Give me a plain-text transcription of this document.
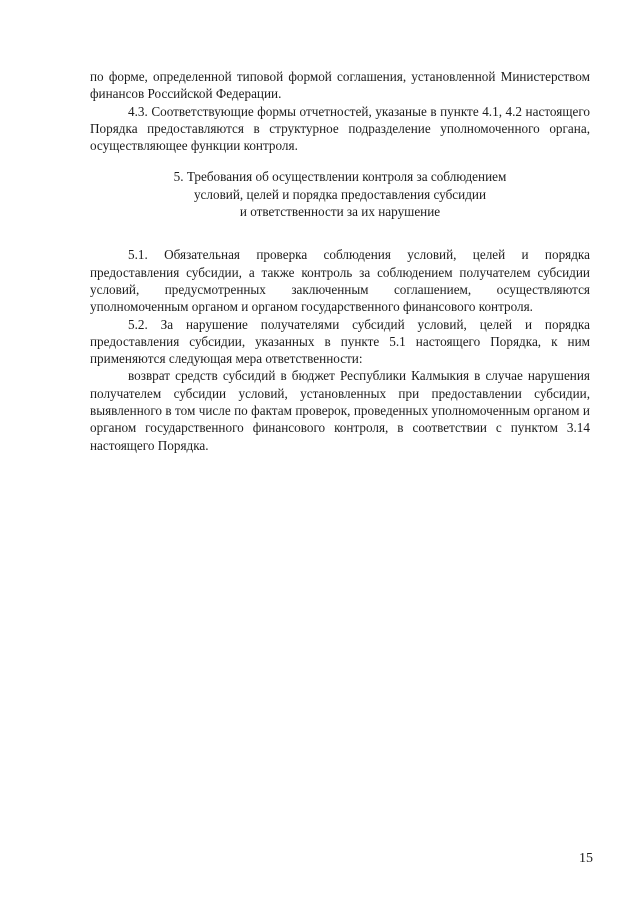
по форме, определенной типовой формой соглашения, установленной Министерством финансов Российской Федерации.

4.3. Соответствующие формы отчетностей, указаные в пункте 4.1, 4.2 настоящего Порядка предоставляются в структурное подразделение уполномоченного органа, осуществляющее функции контроля.

5. Требования об осуществлении контроля за соблюдением
условий, целей и порядка предоставления субсидии
и ответственности за их нарушение

5.1. Обязательная проверка соблюдения условий, целей и порядка предоставления субсидии, а также контроль за соблюдением получателем субсидии условий, предусмотренных заключенным соглашением, осуществляются уполномоченным органом и органом государственного финансового контроля.

5.2. За нарушение получателями субсидий условий, целей и порядка предоставления субсидии, указанных в пункте 5.1 настоящего Порядка, к ним применяются следующая мера ответственности:

возврат средств субсидий в бюджет Республики Калмыкия в случае нарушения получателем субсидии условий, установленных при предоставлении субсидии, выявленного в том числе по фактам проверок, проведенных уполномоченным органом и органом государственного финансового контроля, в соответствии с пунктом 3.14 настоящего Порядка.

15
